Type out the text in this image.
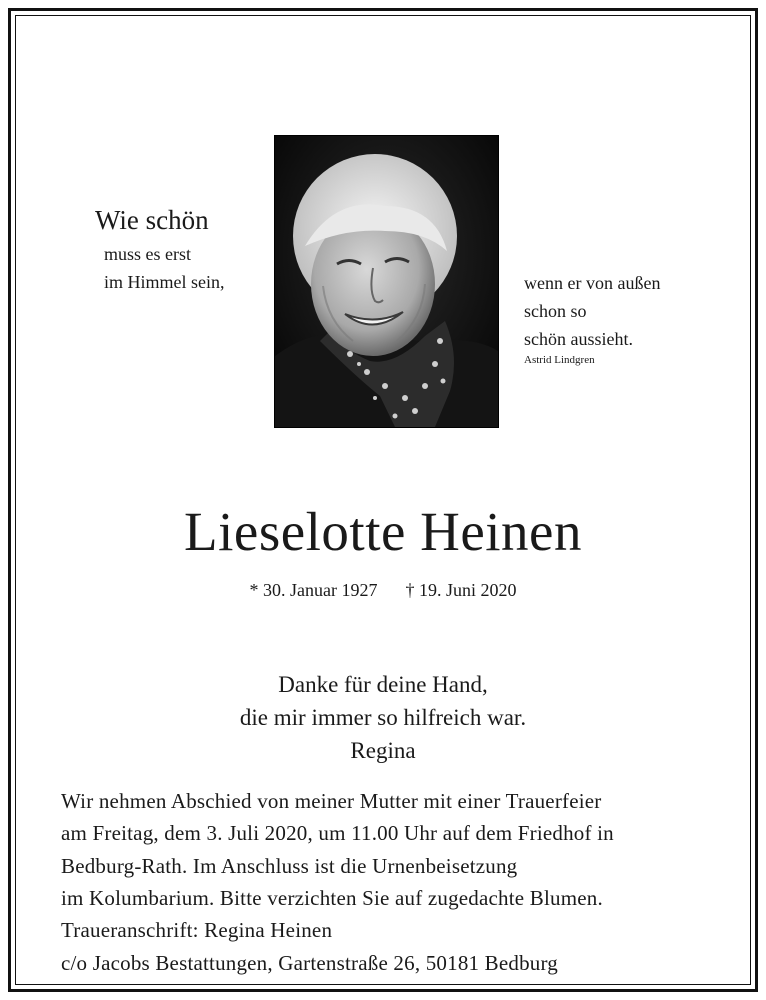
Wie schön
muss es erst
im Himmel sein,	wenn er von außen
schon so
schön aussieht.
Astrid Lindgren
Lieselotte Heinen
* 30. Januar 1927 † 19. Juni 2020
Danke für deine Hand,
die mir immer so hilfreich war.
Regina
Wir nehmen Abschied von meiner Mutter mit einer Trauerfeier
am Freitag, dem 3. Juli 2020, um 11.00 Uhr auf dem Friedhof in
Bedburg-Rath. Im Anschluss ist die Urnenbeisetzung
im Kolumbarium. Bitte verzichten Sie auf zugedachte Blumen.
Traueranschrift: Regina Heinen
c/o Jacobs Bestattungen, Gartenstraße 26, 50181 Bedburg
